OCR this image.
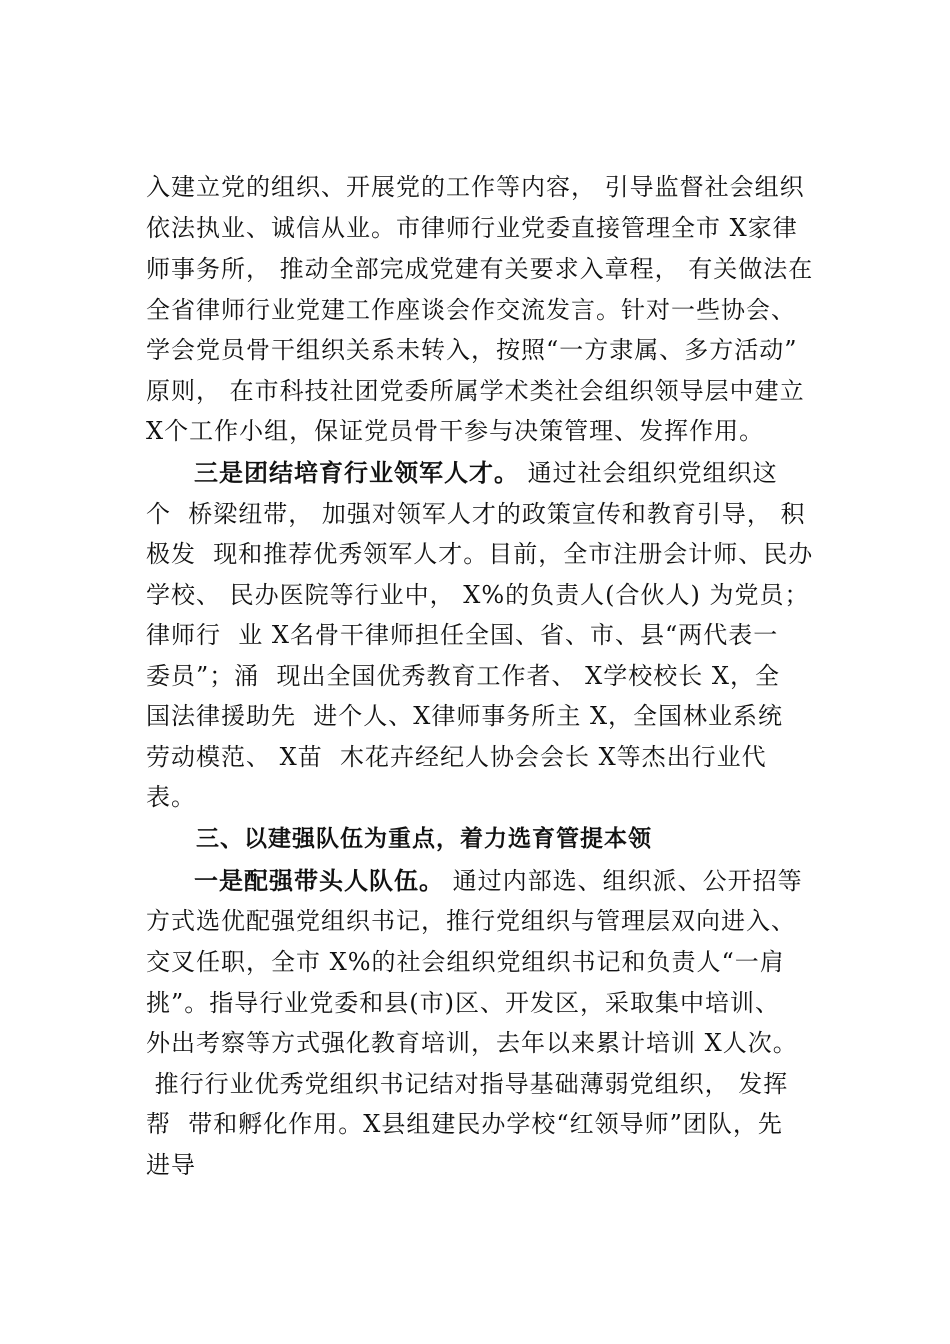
入建立党的组织、开展党的工作等内容， 引导监督社会组织
依法执业、诚信从业。市律师行业党委直接管理全市 X家律
师事务所， 推动全部完成党建有关要求入章程， 有关做法在
全省律师行业党建工作座谈会作交流发言。针对一些协会、
学会党员骨干组织关系未转入，按照“一方隶属、多方活动”
原则， 在市科技社团党委所属学术类社会组织领导层中建立
X个工作小组，保证党员骨干参与决策管理、发挥作用。
三是团结培育行业领军人才。 通过社会组织党组织这
个  桥梁纽带， 加强对领军人才的政策宣传和教育引导， 积
极发  现和推荐优秀领军人才。目前，全市注册会计师、民办
学校、 民办医院等行业中， X%的负责人(合伙人) 为党员；
律师行  业 X名骨干律师担任全国、省、市、县“两代表一
委员”；涌  现出全国优秀教育工作者、 X学校校长 X，全
国法律援助先  进个人、X律师事务所主 X，全国林业系统
劳动模范、 X苗  木花卉经纪人协会会长 X等杰出行业代
表。
三、以建强队伍为重点，着力选育管提本领
一是配强带头人队伍。 通过内部选、组织派、公开招等
方式选优配强党组织书记，推行党组织与管理层双向进入、
交叉任职，全市 X%的社会组织党组织书记和负责人“一肩
挑”。指导行业党委和县(市)区、开发区，采取集中培训、
外出考察等方式强化教育培训，去年以来累计培训 X人次。
推行行业优秀党组织书记结对指导基础薄弱党组织， 发挥
帮  带和孵化作用。X县组建民办学校“红领导师”团队，先
进导
